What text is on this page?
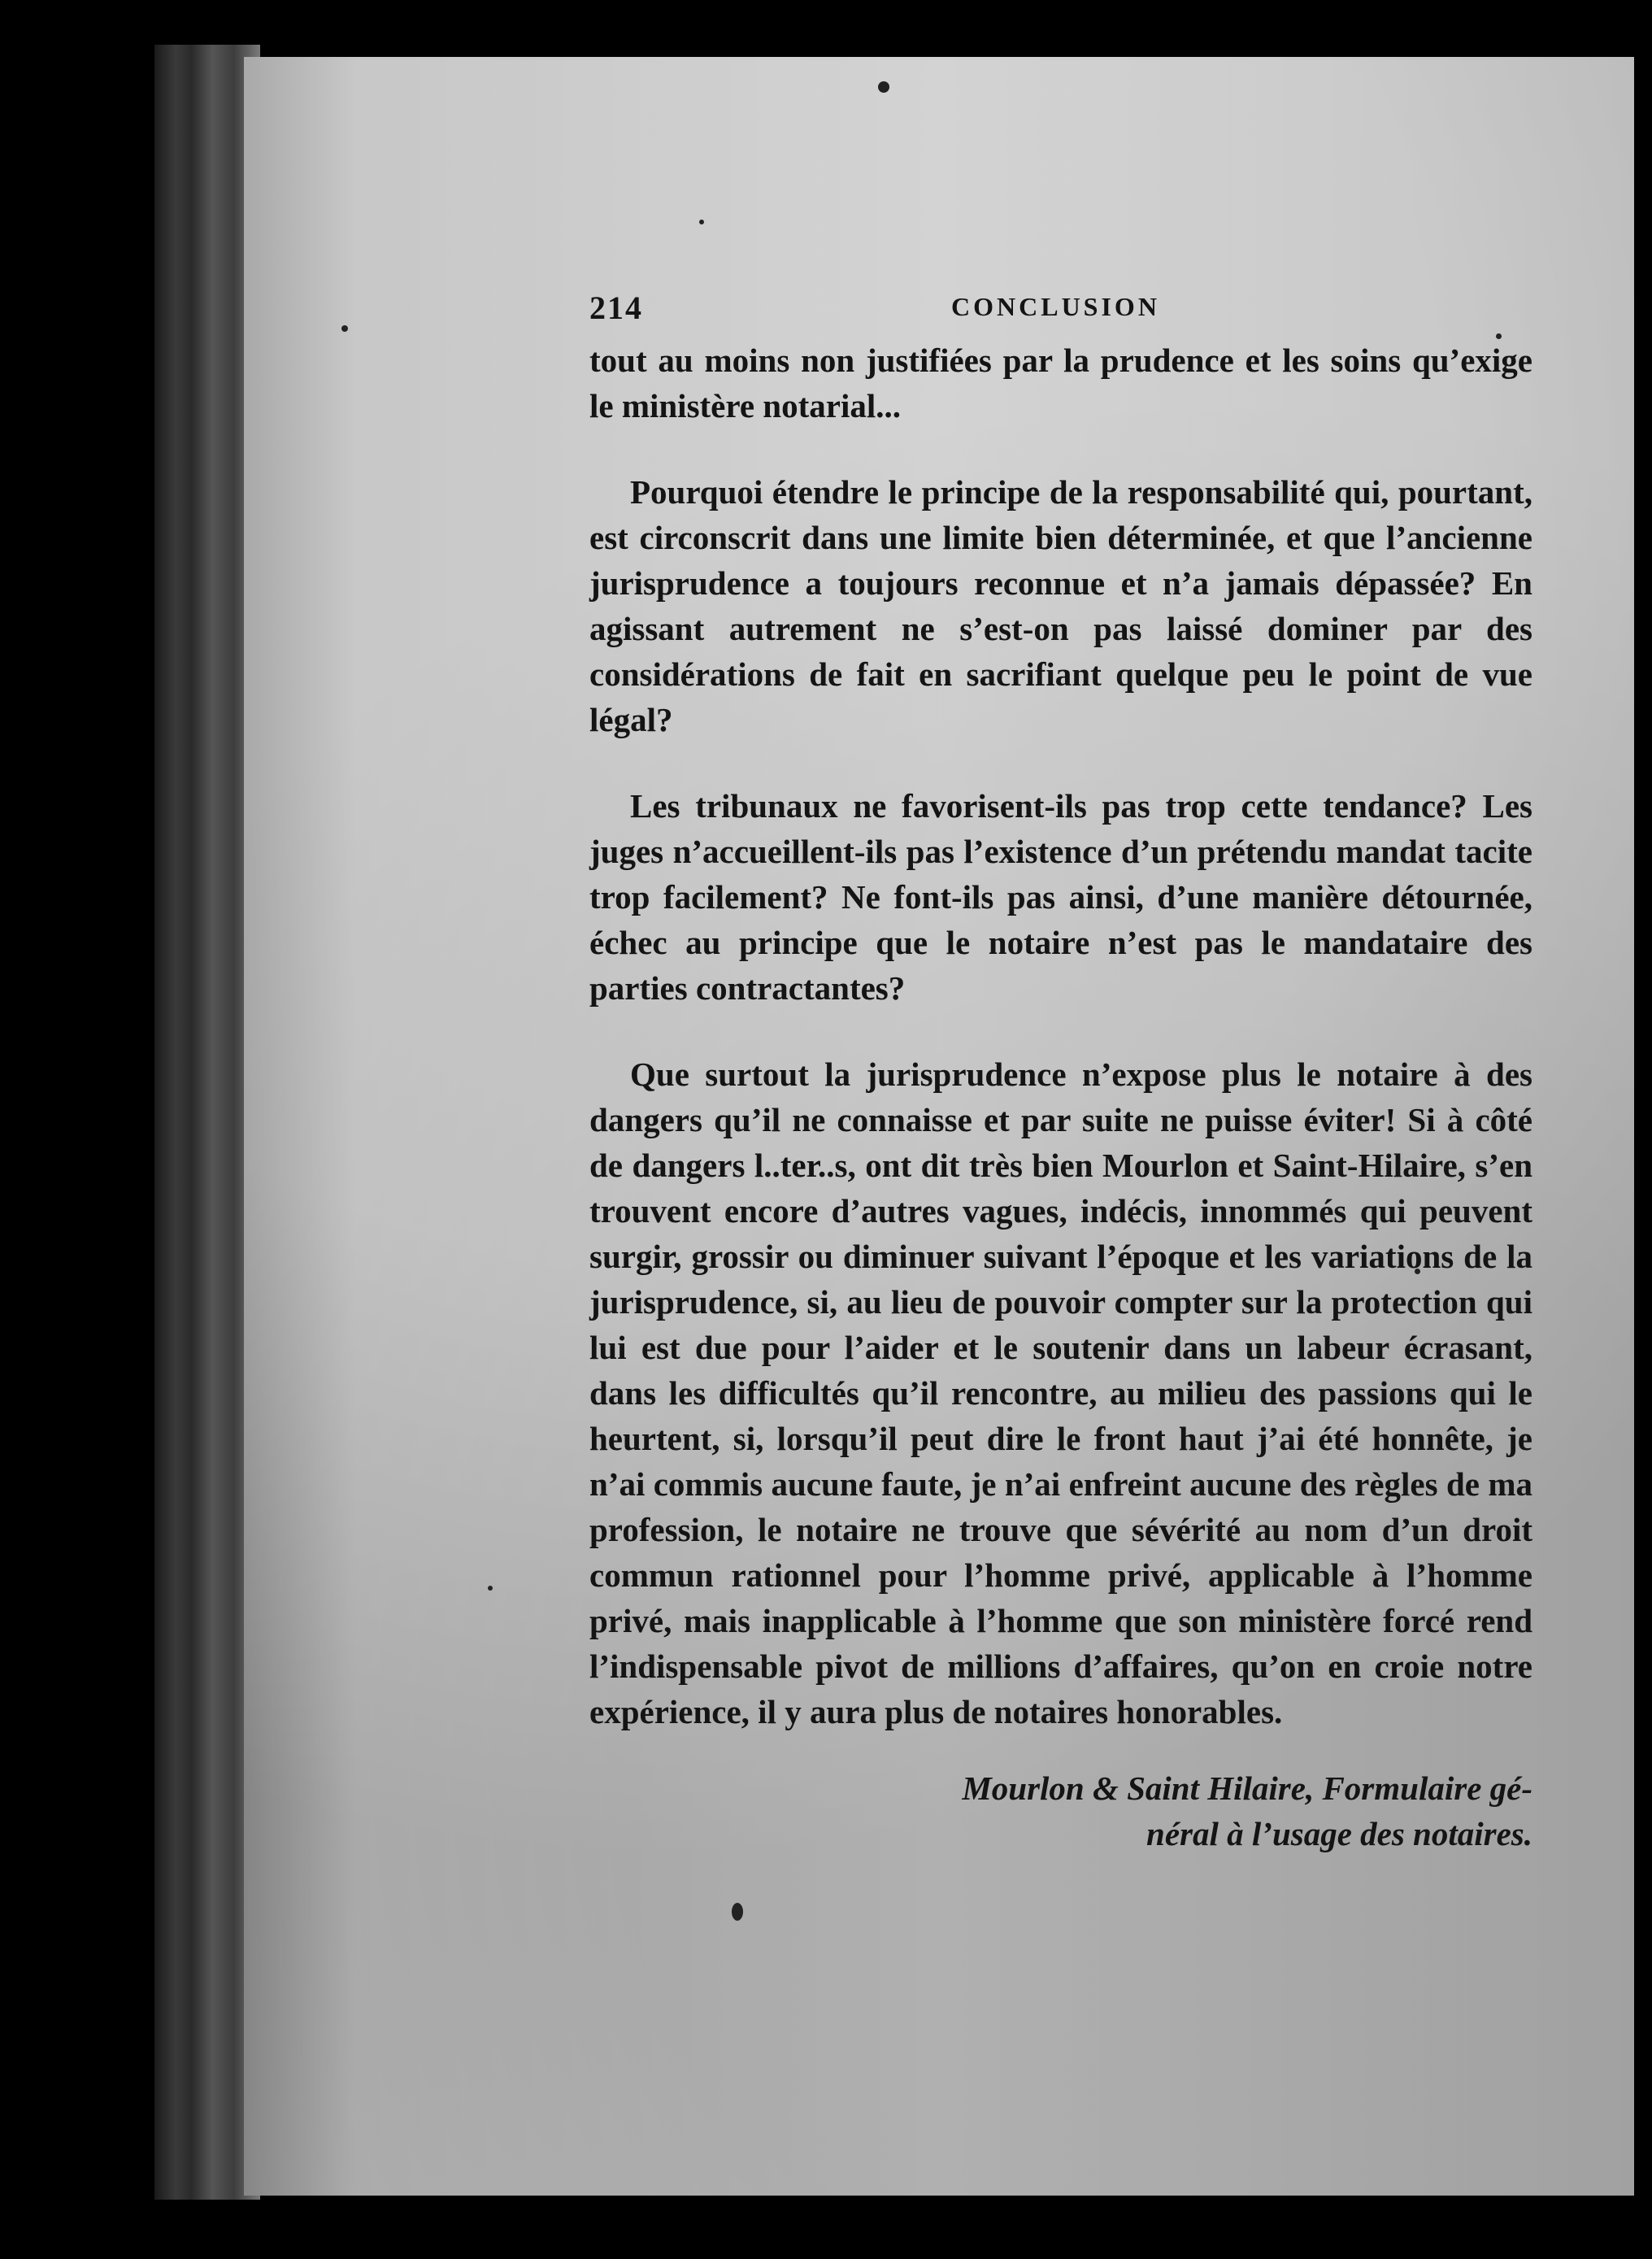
214	CONCLUSION

tout au moins non justifiées par la prudence et les soins qu’exige le ministère notarial...

Pourquoi étendre le principe de la responsabilité qui, pourtant, est circonscrit dans une limite bien déterminée, et que l’ancienne jurisprudence a toujours reconnue et n’a jamais dépassée? En agissant autrement ne s’est-on pas laissé dominer par des considérations de fait en sacrifiant quelque peu le point de vue légal?

Les tribunaux ne favorisent-ils pas trop cette tendance? Les juges n’accueillent-ils pas l’existence d’un prétendu mandat tacite trop facilement? Ne font-ils pas ainsi, d’une manière détournée, échec au principe que le notaire n’est pas le mandataire des parties contractantes?

Que surtout la jurisprudence n’expose plus le notaire à des dangers qu’il ne connaisse et par suite ne puisse éviter! Si à côté de dangers l..ter..s, ont dit très bien Mourlon et Saint-Hilaire, s’en trouvent encore d’autres vagues, indécis, innommés qui peuvent surgir, grossir ou diminuer suivant l’époque et les variations de la jurisprudence, si, au lieu de pouvoir compter sur la protection qui lui est due pour l’aider et le soutenir dans un labeur écrasant, dans les difficultés qu’il rencontre, au milieu des passions qui le heurtent, si, lorsqu’il peut dire le front haut j’ai été honnête, je n’ai commis aucune faute, je n’ai enfreint aucune des règles de ma profession, le notaire ne trouve que sévérité au nom d’un droit commun rationnel pour l’homme privé, applicable à l’homme privé, mais inapplicable à l’homme que son ministère forcé rend l’indispensable pivot de millions d’affaires, qu’on en croie notre expérience, il y aura plus de notaires honorables.

Mourlon & Saint Hilaire, Formulaire gé-
néral à l’usage des notaires.
